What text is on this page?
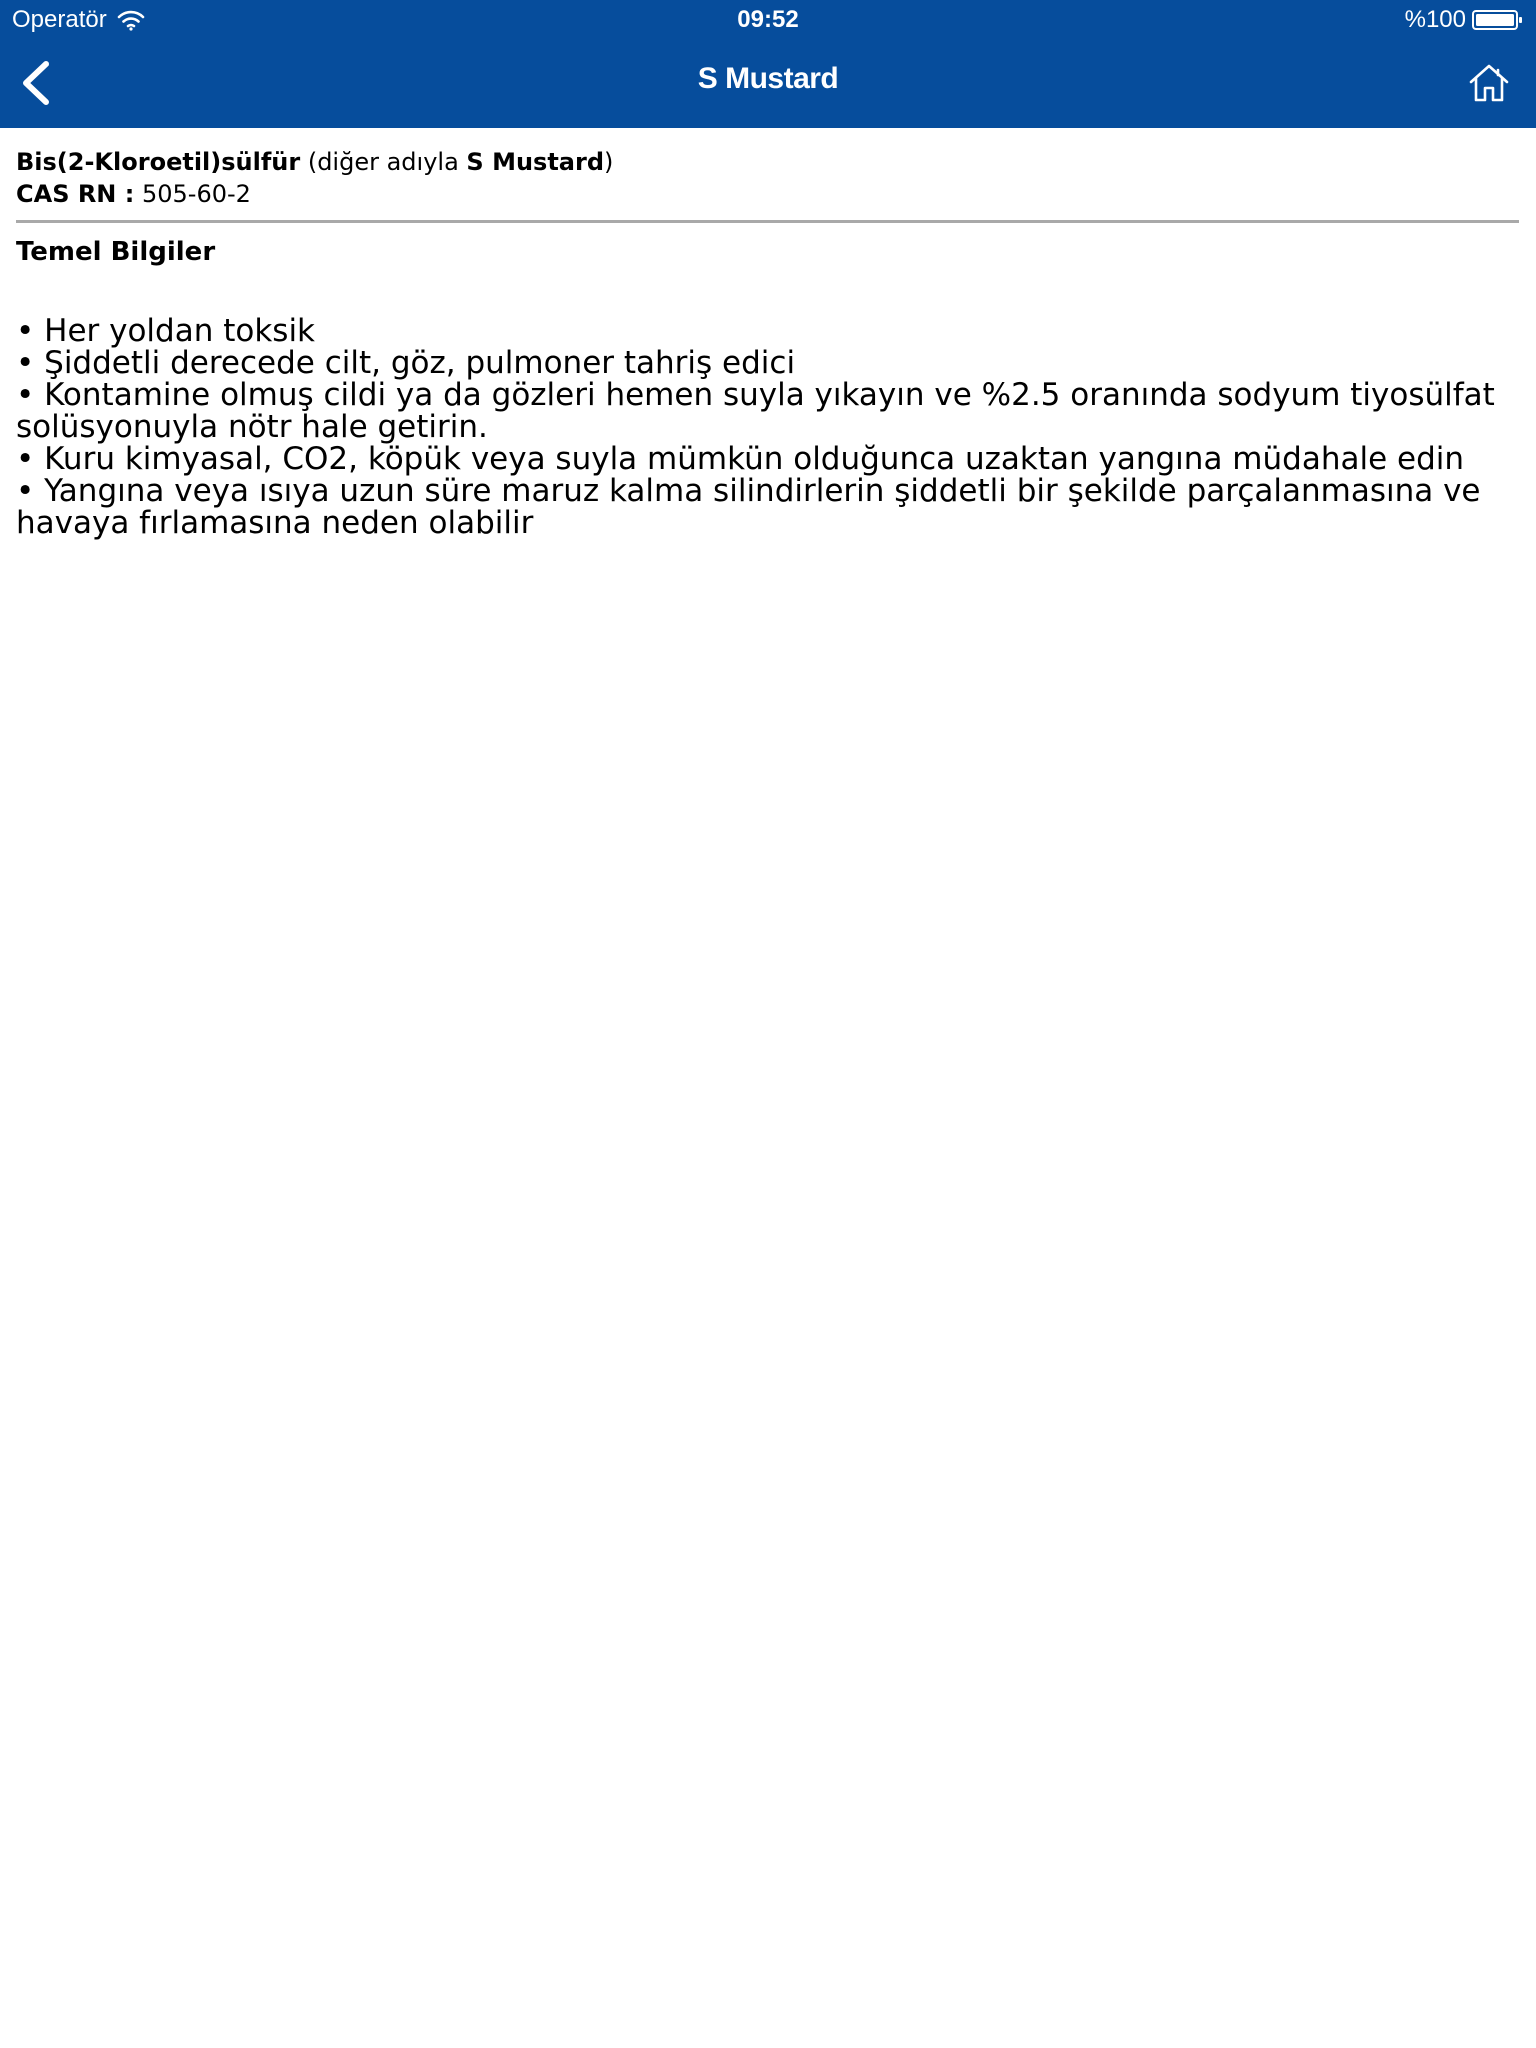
Operatör	09:52	%100
S Mustard
Bis(2-Kloroetil)sülfür (diğer adıyla S Mustard)
CAS RN : 505-60-2
Temel Bilgiler
• Her yoldan toksik
• Şiddetli derecede cilt, göz, pulmoner tahriş edici
• Kontamine olmuş cildi ya da gözleri hemen suyla yıkayın ve %2.5 oranında sodyum tiyosülfat solüsyonuyla nötr hale getirin.
• Kuru kimyasal, CO2, köpük veya suyla mümkün olduğunca uzaktan yangına müdahale edin
• Yangına veya ısıya uzun süre maruz kalma silindirlerin şiddetli bir şekilde parçalanmasına ve havaya fırlamasına neden olabilir
